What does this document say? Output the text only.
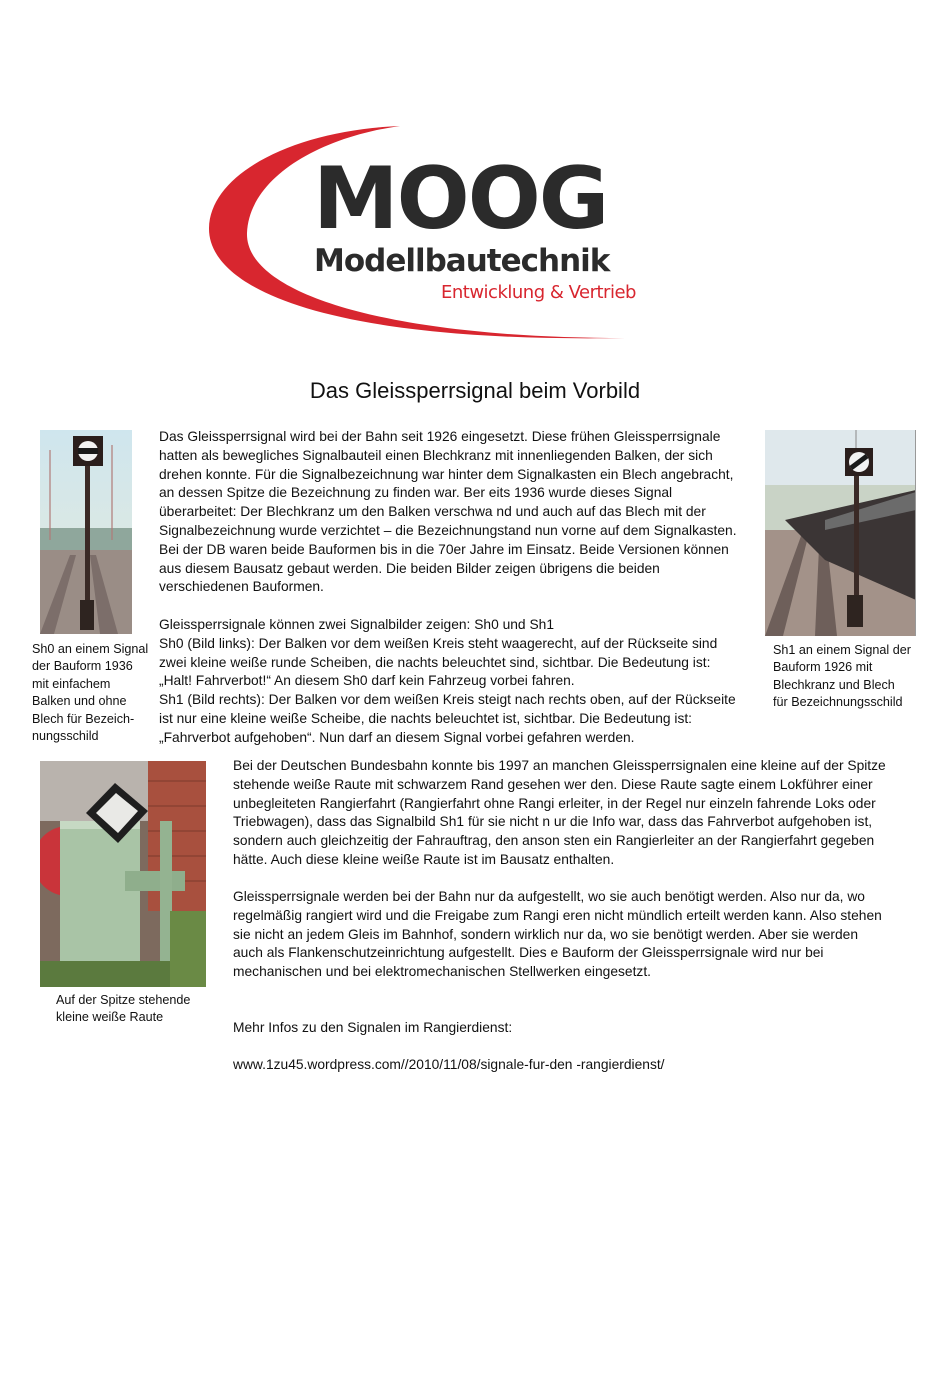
MOOG
Modellbautechnik
Entwicklung & Vertrieb
Das Gleissperrsignal beim Vorbild
Sh0 an einem Signal
der Bauform 1936
mit einfachem
Balken und ohne
Blech für Bezeich-
nungsschild
Sh1 an einem Signal der
Bauform 1926 mit
Blechkranz und Blech
für Bezeichnungsschild
Das Gleissperrsignal wird bei der Bahn seit 1926 eingesetzt. Diese frühen Gleissperrsignale
hatten als bewegliches Signalbauteil einen Blechkranz mit innenliegenden Balken, der sich
drehen konnte. Für die Signalbezeichnung war hinter dem Signalkasten ein Blech angebracht,
an dessen Spitze die Bezeichnung zu finden war. Ber eits 1936 wurde dieses Signal
überarbeitet: Der Blechkranz um den Balken verschwa nd und auch auf das Blech mit der
Signalbezeichnung wurde verzichtet – die Bezeichnungstand nun vorne auf dem Signalkasten.
Bei der DB waren beide Bauformen bis in die 70er Jahre im Einsatz. Beide Versionen können
aus diesem Bausatz gebaut werden. Die beiden Bilder zeigen übrigens die beiden
verschiedenen Bauformen.
Gleissperrsignale können zwei Signalbilder zeigen: Sh0 und Sh1
Sh0 (Bild links): Der Balken vor dem weißen Kreis steht waagerecht, auf der Rückseite sind
zwei kleine weiße runde Scheiben, die nachts beleuchtet sind, sichtbar. Die Bedeutung ist:
„Halt! Fahrverbot!“ An diesem Sh0 darf kein Fahrzeug vorbei fahren.
Sh1 (Bild rechts): Der Balken vor dem weißen Kreis steigt nach rechts oben, auf der Rückseite
ist nur eine kleine weiße Scheibe, die nachts beleuchtet ist, sichtbar. Die Bedeutung ist:
„Fahrverbot aufgehoben“. Nun darf an diesem Signal vorbei gefahren werden.
Auf der Spitze stehende
kleine weiße Raute
Bei der Deutschen Bundesbahn konnte bis 1997 an manchen Gleissperrsignalen eine kleine auf der Spitze
stehende weiße Raute mit schwarzem Rand gesehen wer den. Diese Raute sagte einem Lokführer einer
unbegleiteten Rangierfahrt (Rangierfahrt ohne Rangi erleiter, in der Regel nur einzeln fahrende Loks oder
Triebwagen), dass das Signalbild Sh1 für sie nicht n ur die Info war, dass das Fahrverbot aufgehoben ist,
sondern auch gleichzeitig der Fahrauftrag, den anson sten ein Rangierleiter an der Rangierfahrt gegeben
hätte. Auch diese kleine weiße Raute ist im Bausatz enthalten.
Gleissperrsignale werden bei der Bahn nur da aufgestellt, wo sie auch benötigt werden. Also nur da, wo
regelmäßig rangiert wird und die Freigabe zum Rangi eren nicht mündlich erteilt werden kann. Also stehen
sie nicht an jedem Gleis im Bahnhof, sondern wirklich nur da, wo sie benötigt werden. Aber sie werden
auch als Flankenschutzeinrichtung aufgestellt. Dies e Bauform der Gleissperrsignale wird nur bei
mechanischen und bei elektromechanischen Stellwerken eingesetzt.

Mehr Infos zu den Signalen im Rangierdienst:

www.1zu45.wordpress.com//2010/11/08/signale-fur-den -rangierdienst/
